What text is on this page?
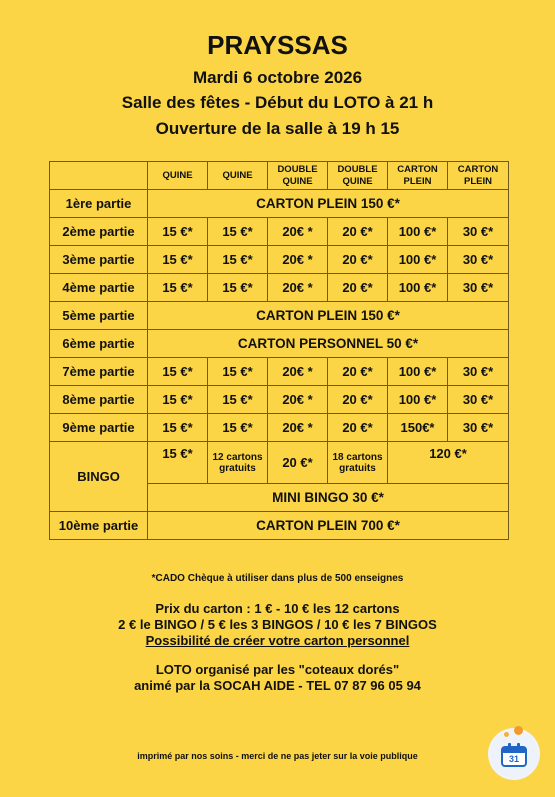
PRAYSSAS
Mardi 6 octobre 2026
Salle des fêtes - Début du LOTO à 21 h
Ouverture de la salle à 19 h 15
	QUINE	QUINE	DOUBLE QUINE	DOUBLE QUINE	CARTON PLEIN	CARTON PLEIN
1ère partie	CARTON PLEIN 150 €*					
2ème partie	15 €*	15 €*	20€ *	20 €*	100 €*	30 €*
3ème partie	15 €*	15 €*	20€ *	20 €*	100 €*	30 €*
4ème partie	15 €*	15 €*	20€ *	20 €*	100 €*	30 €*
5ème partie	CARTON PLEIN 150 €*					
6ème partie	CARTON PERSONNEL 50 €*					
7ème partie	15 €*	15 €*	20€ *	20 €*	100 €*	30 €*
8ème partie	15 €*	15 €*	20€ *	20 €*	100 €*	30 €*
9ème partie	15 €*	15 €*	20€ *	20 €*	150€*	30 €*
BINGO	15 €*	12 cartons gratuits	20 €*	18 cartons gratuits	120 €*	
	MINI BINGO 30 €*					
10ème partie	CARTON PLEIN 700 €*					
*CADO Chèque à utiliser dans plus de 500 enseignes
Prix du carton : 1 € - 10 € les 12 cartons
2 € le BINGO / 5 € les 3 BINGOS / 10 € les 7 BINGOS
Possibilité de créer votre carton personnel
LOTO organisé par les "coteaux dorés"
animé par la SOCAH AIDE - TEL 07 87 96 05 94
imprimé par nos soins - merci de ne pas jeter sur la voie publique	31
